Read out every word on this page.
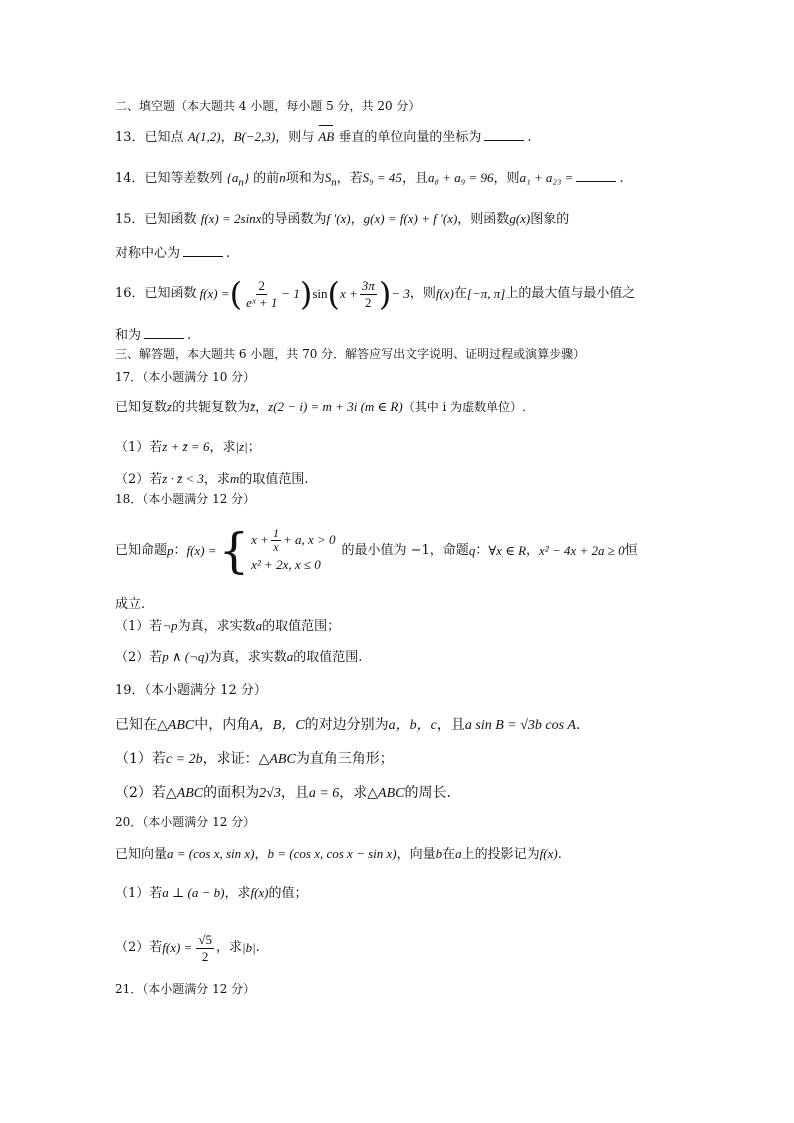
二、填空题（本大题共 4 小题，每小题 5 分，共 20 分）
13．已知点 A(1,2)，B(−2,3)，则与 AB 垂直的单位向量的坐标为	.
14．已知等差数列 $\{a_n\}$ 的前n项和为$S_n$，若S₉ = 45，且a₈ + a₉ = 96，则a₁ + a₂₃ =	.
15．已知函数 f(x) = 2sinx的导函数为f ′(x)，g(x) = f(x) + f ′(x)，则函数g(x)图象的
对称中心为	.
16． 已知函数 f(x) = ( $\frac{2}{\text{eˣ + 1}} - 1$ ) sin ( $x + \frac{3\pi}{2}$ ) − 3 ，则 f(x) 在 [−π, π] 上的最大值与最小值之
和为	.
三、解答题，本大题共 6 小题，共 70 分．解答应写出文字说明、证明过程或演算步骤）
17．（本小题满分 10 分）
已知复数z的共轭复数为z̄，z(2 − i) = m + 3i (m ∈ R)（其中 i 为虚数单位）.
（1）若z + z̄ = 6，求|z|；
（2）若z · z̄ < 3，求m的取值范围.
18．（本小题满分 12 分）
已知命题 p ： f(x) = { $x + \frac{1}{x} + a$, x > 0
x² + 2x, x ≤ 0
的最小值为 −1，命题 q ： ∀x ∈ R ， x² − 4x + 2a ≥ 0 恒
成立.
（1）若¬p为真，求实数a的取值范围；
（2）若p ∧ (¬q)为真，求实数a的取值范围.
19．（本小题满分 12 分）
已知在△ABC中，内角A，B，C的对边分别为a，b，c，且a sin B = √3b cos A.
（1）若c = 2b，求证：△ABC为直角三角形；
（2）若△ABC的面积为2√3，且a = 6，求△ABC的周长.
20．（本小题满分 12 分）
已知向量a = (cos x, sin x)，b = (cos x, cos x − sin x)，向量b在a上的投影记为f(x).
（1）若a ⊥ (a − b)，求f(x)的值；
（2）若 $f(x) = \frac{√5}{2}$ ，求 |b| .
21．（本小题满分 12 分）
